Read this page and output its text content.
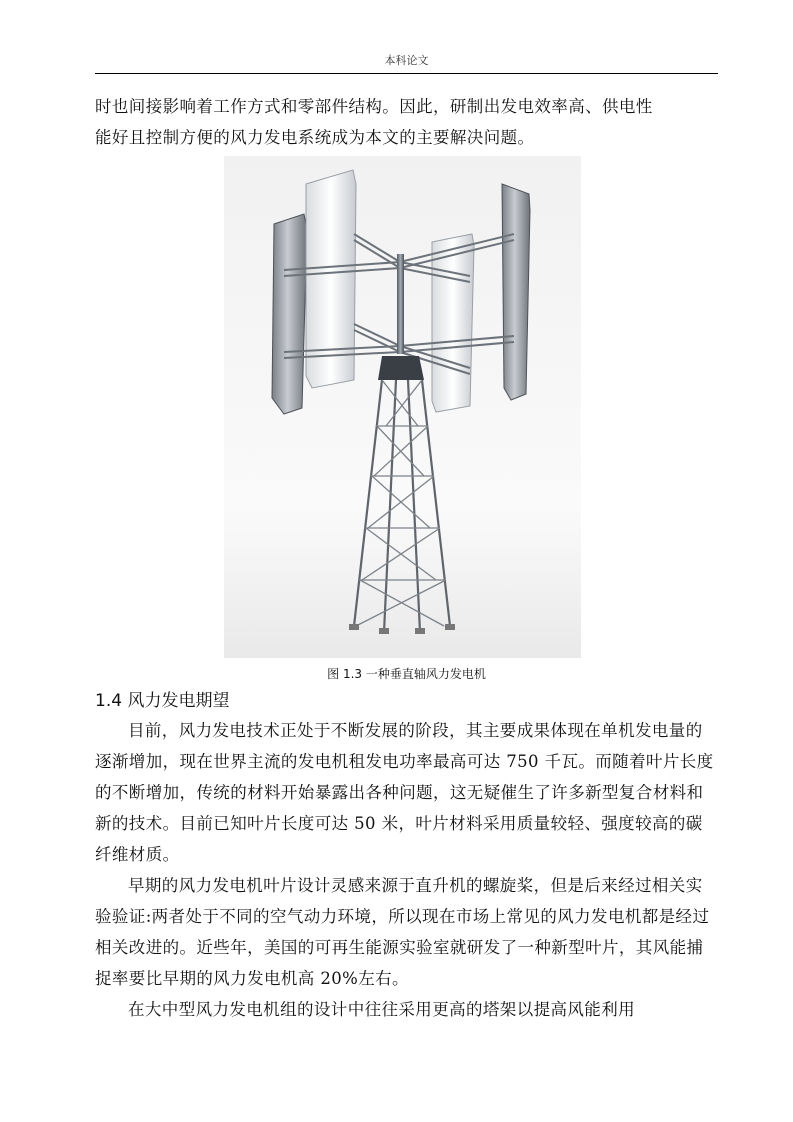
本科论文

时也间接影响着工作方式和零部件结构。因此，研制出发电效率高、供电性

能好且控制方便的风力发电系统成为本文的主要解决问题。

图 1.3 一种垂直轴风力发电机
1.4 风力发电期望

目前，风力发电技术正处于不断发展的阶段，其主要成果体现在单机发电量的逐渐增加，现在世界主流的发电机租发电功率最高可达 750 千瓦。而随着叶片长度的不断增加，传统的材料开始暴露出各种问题，这无疑催生了许多新型复合材料和新的技术。目前已知叶片长度可达 50 米，叶片材料采用质量较轻、强度较高的碳纤维材质。

早期的风力发电机叶片设计灵感来源于直升机的螺旋桨，但是后来经过相关实验验证:两者处于不同的空气动力环境，所以现在市场上常见的风力发电机都是经过相关改进的。近些年，美国的可再生能源实验室就研发了一种新型叶片，其风能捕捉率要比早期的风力发电机高 20%左右。

在大中型风力发电机组的设计中往往采用更高的塔架以提高风能利用
